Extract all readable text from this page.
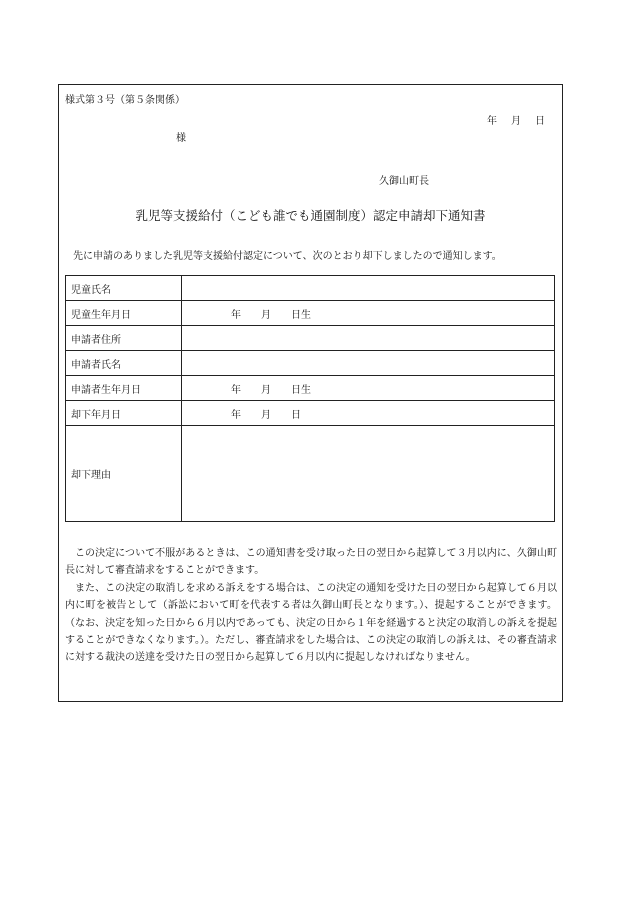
様式第３号（第５条関係）
年 月 日
様
久御山町長
乳児等支援給付（こども誰でも通園制度）認定申請却下通知書
先に申請のありました乳児等支援給付認定について、次のとおり却下しましたので通知します。
児童氏名	
児童生年月日	年 月 日生
申請者住所	
申請者氏名	
申請者生年月日	年 月 日生
却下年月日	年 月 日
却下理由	

この決定について不服があるときは、この通知書を受け取った日の翌日から起算して３月以内に、久御山町長に対して審査請求をすることができます。

また、この決定の取消しを求める訴えをする場合は、この決定の通知を受けた日の翌日から起算して６月以内に町を被告として（訴訟において町を代表する者は久御山町長となります。）、提起することができます。（なお、決定を知った日から６月以内であっても、決定の日から１年を経過すると決定の取消しの訴えを提起することができなくなります。）。ただし、審査請求をした場合は、この決定の取消しの訴えは、その審査請求に対する裁決の送達を受けた日の翌日から起算して６月以内に提起しなければなりません。
